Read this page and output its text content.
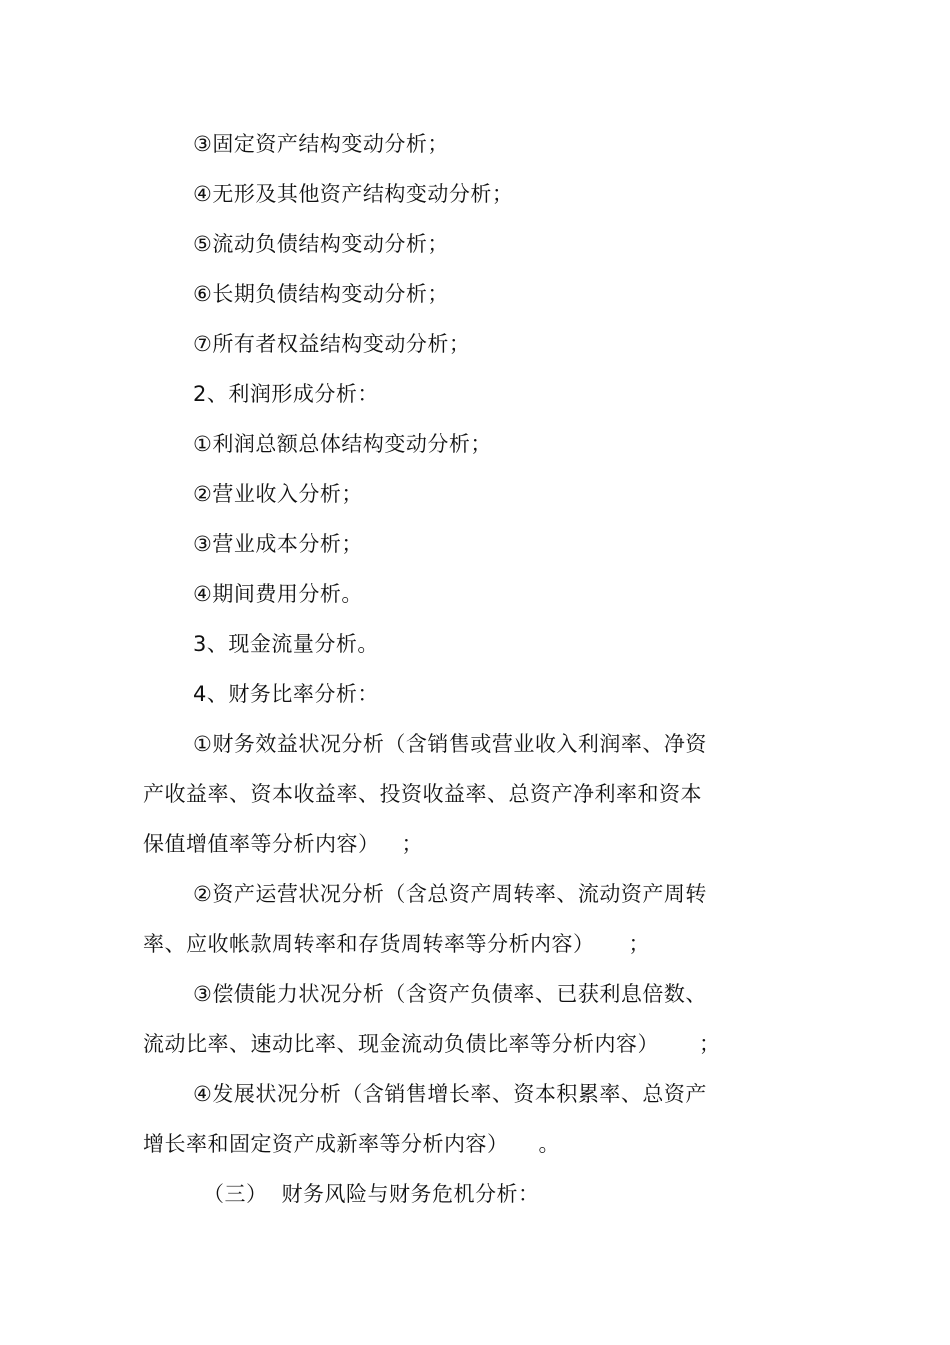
③固定资产结构变动分析；
④无形及其他资产结构变动分析；
⑤流动负债结构变动分析；
⑥长期负债结构变动分析；
⑦所有者权益结构变动分析；
2、利润形成分析：
①利润总额总体结构变动分析；
②营业收入分析；
③营业成本分析；
④期间费用分析。
3、现金流量分析。
4、财务比率分析：
①财务效益状况分析（含销售或营业收入利润率、净资
产收益率、资本收益率、投资收益率、总资产净利率和资本
保值增值率等分析内容） ；
②资产运营状况分析（含总资产周转率、流动资产周转
率、应收帐款周转率和存货周转率等分析内容） ；
③偿债能力状况分析（含资产负债率、已获利息倍数、
流动比率、速动比率、现金流动负债比率等分析内容） ；
④发展状况分析（含销售增长率、资本积累率、总资产
增长率和固定资产成新率等分析内容） 。
（三） 财务风险与财务危机分析：
